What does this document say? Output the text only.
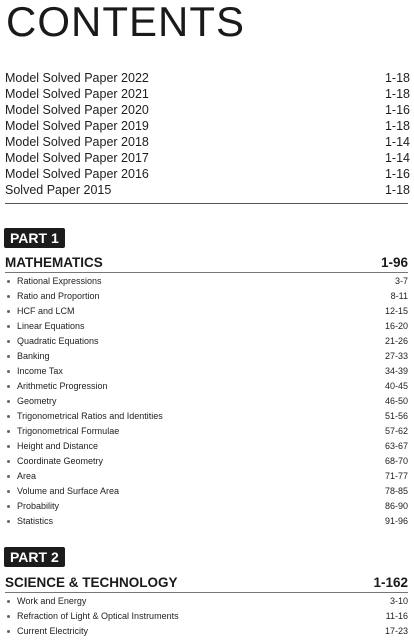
CONTENTS
Model Solved Paper 2022	1-18
Model Solved Paper 2021	1-18
Model Solved Paper 2020	1-16
Model Solved Paper 2019	1-18
Model Solved Paper 2018	1-14
Model Solved Paper 2017	1-14
Model Solved Paper 2016	1-16
Solved Paper 2015	1-18
PART 1
MATHEMATICS	1-96
Rational Expressions	3-7
Ratio and Proportion	8-11
HCF and LCM	12-15
Linear Equations	16-20
Quadratic Equations	21-26
Banking	27-33
Income Tax	34-39
Arithmetic Progression	40-45
Geometry	46-50
Trigonometrical Ratios and Identities	51-56
Trigonometrical Formulae	57-62
Height and Distance	63-67
Coordinate Geometry	68-70
Area	71-77
Volume and Surface Area	78-85
Probability	86-90
Statistics	91-96
PART 2
SCIENCE & TECHNOLOGY	1-162
Work and Energy	3-10
Refraction of Light & Optical Instruments	11-16
Current Electricity	17-23
